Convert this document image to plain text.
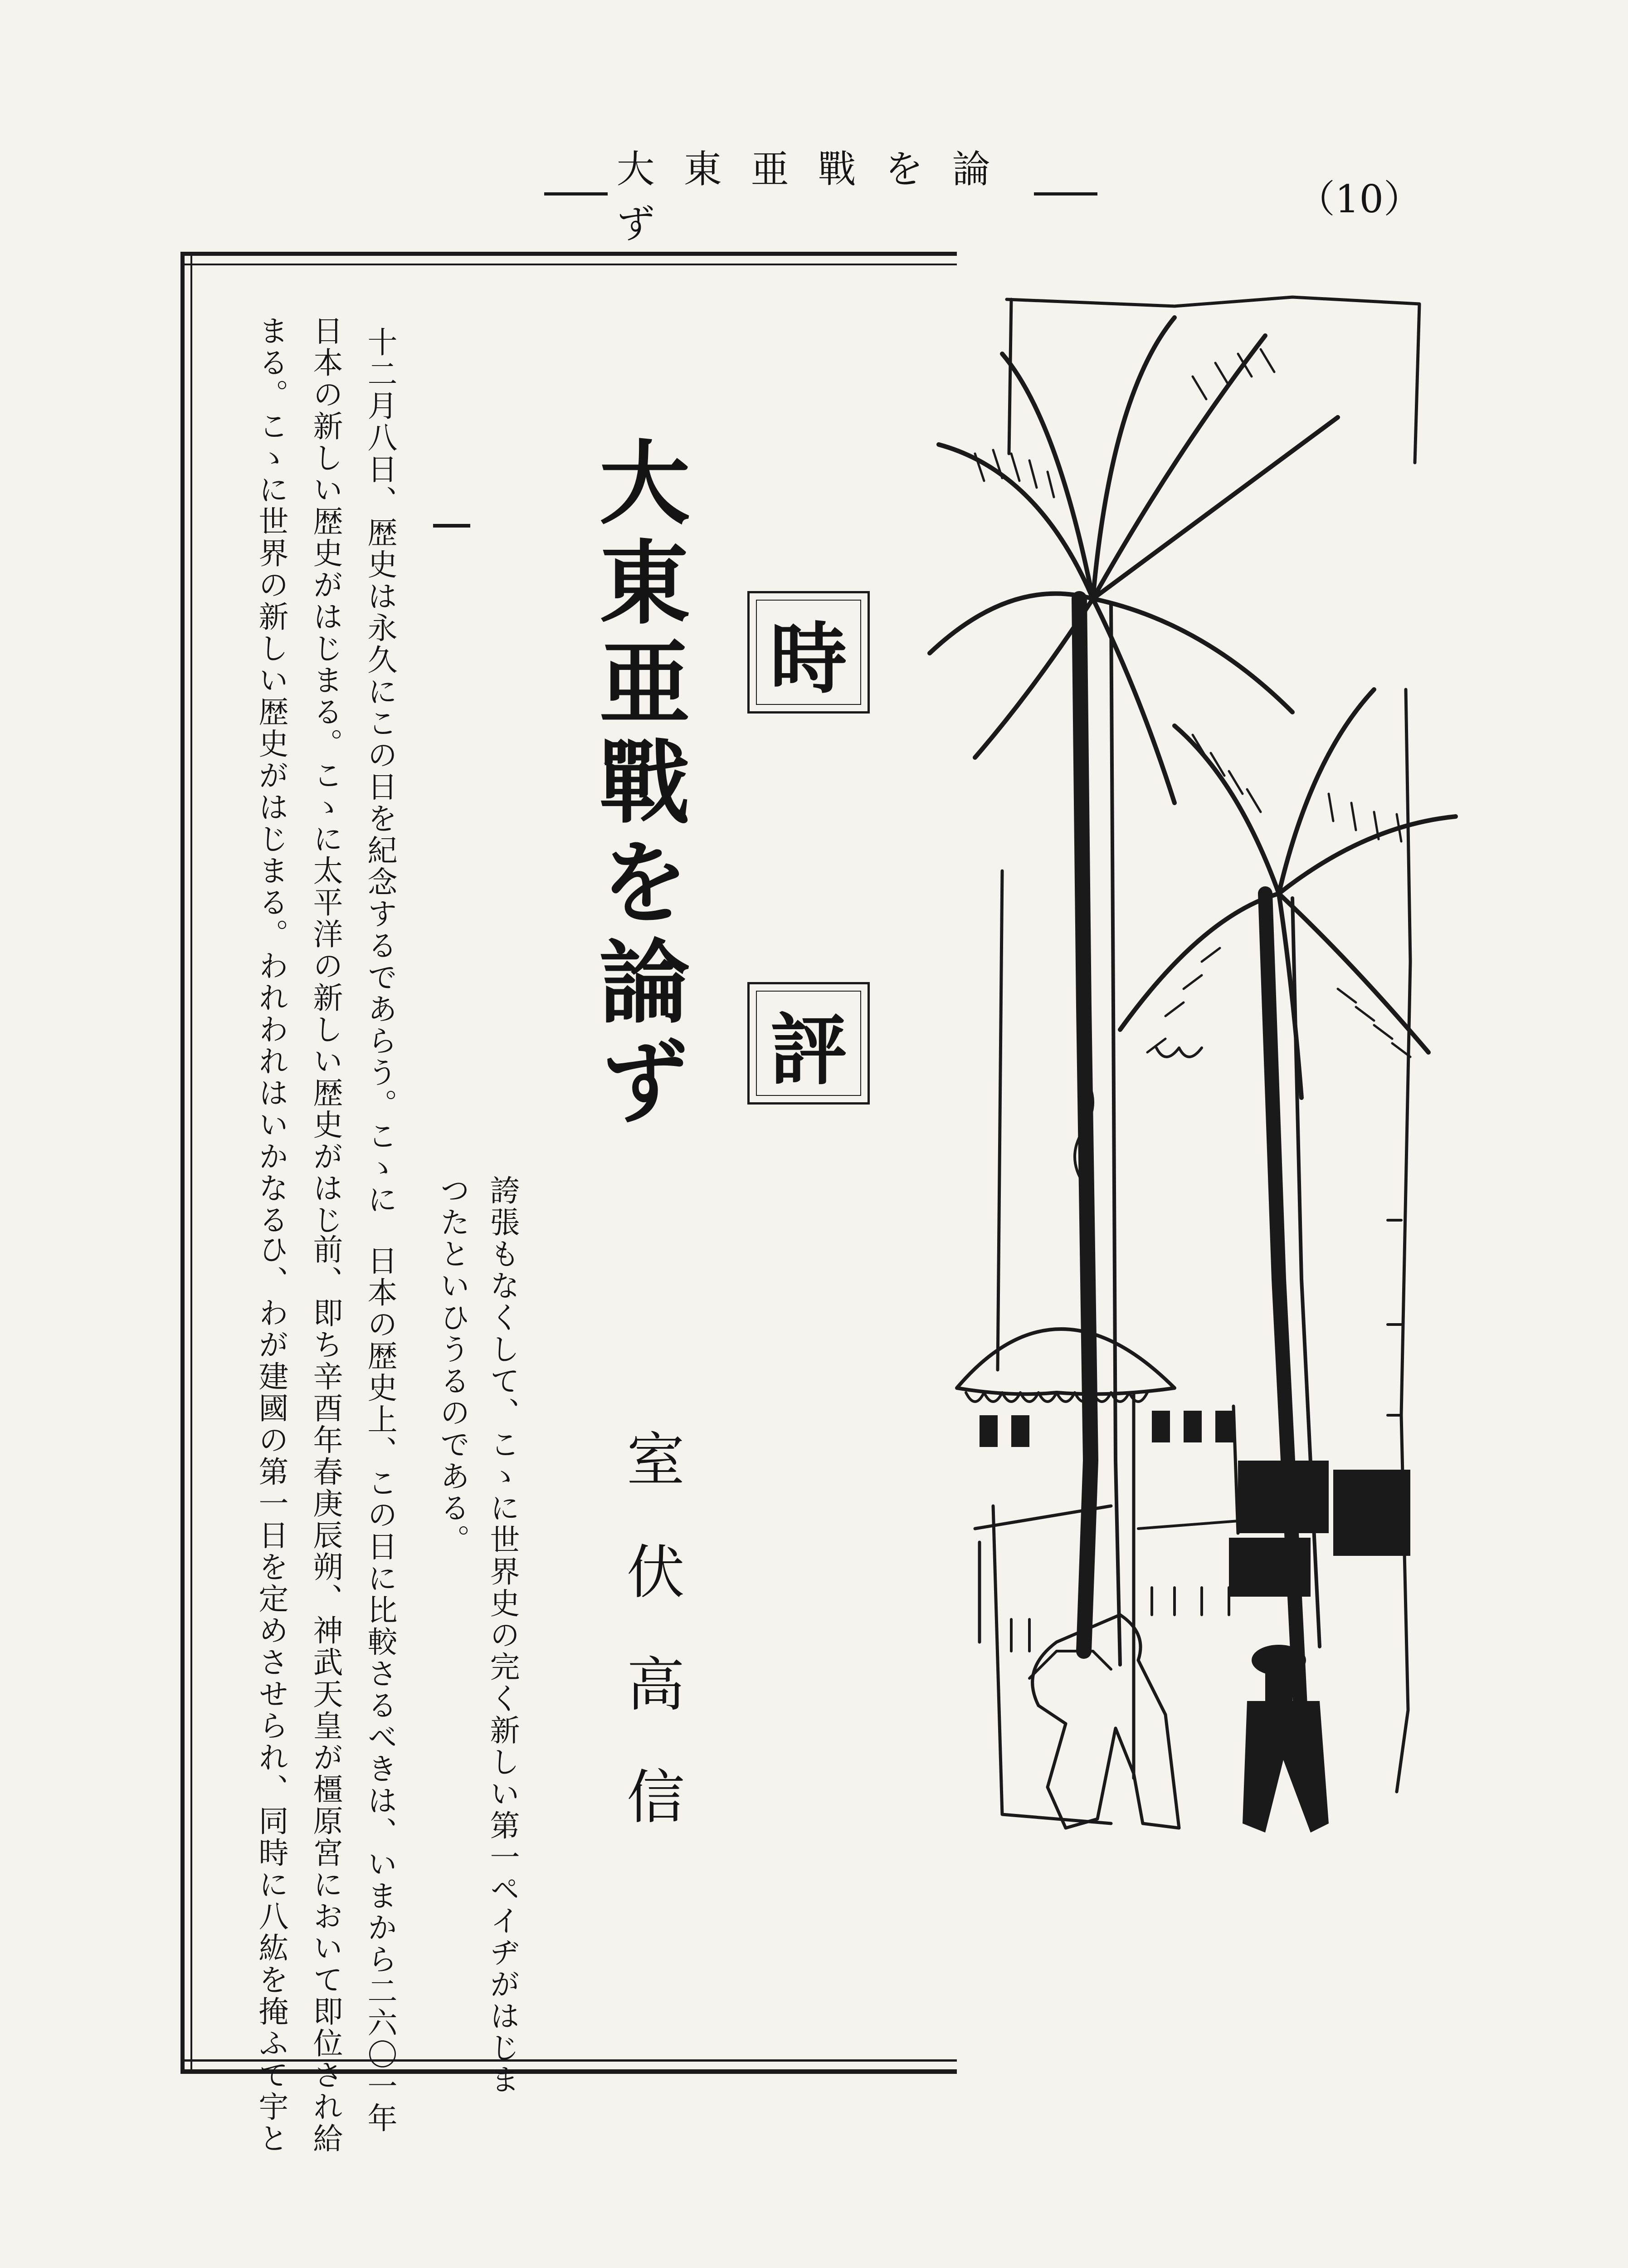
大東亜戰を論ず
（10）
時
評
大東亜戰を論ず
室伏高信
誇張もなくして、こゝに世界史の完く新しい第一ペイヂがはじま
つたといひうるのである。
十二月八日、歴史は永久にこの日を紀念するであらう。こゝに
日本の新しい歴史がはじまる。こゝに太平洋の新しい歴史がはじ
まる。こゝに世界の新しい歴史がはじまる。われわれはいかなる
日本の歴史上、この日に比較さるべきは、いまから二六〇一年
前、即ち辛酉年春庚辰朔、神武天皇が橿原宮において即位され給
ひ、わが建國の第一日を定めさせられ、同時に八紘を掩ふて宇と
